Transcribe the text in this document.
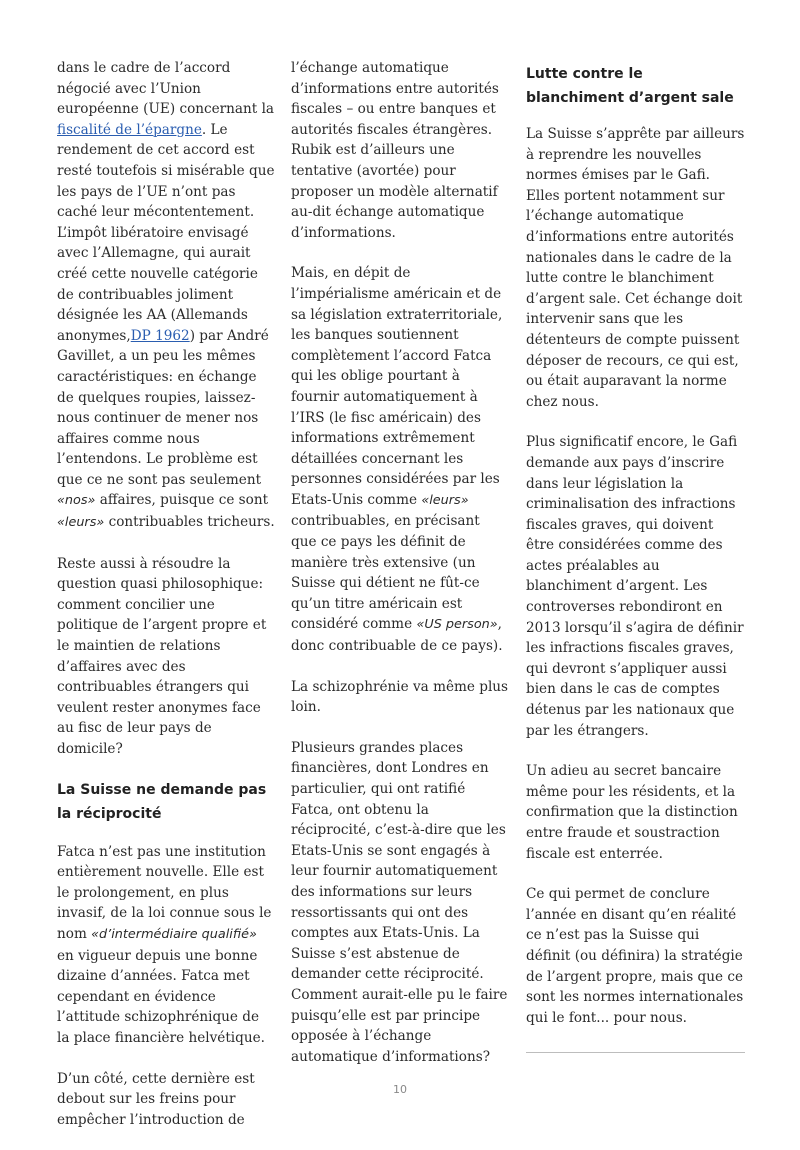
dans le cadre de l’accord négocié avec l’Union européenne (UE) concernant la fiscalité de l’épargne. Le rendement de cet accord est resté toutefois si misérable que les pays de l’UE n’ont pas caché leur mécontentement. L’impôt libératoire envisagé avec l’Allemagne, qui aurait créé cette nouvelle catégorie de contribuables joliment désignée les AA (Allemands anonymes,DP 1962) par André Gavillet, a un peu les mêmes caractéristiques: en échange de quelques roupies, laissez-nous continuer de mener nos affaires comme nous l’entendons. Le problème est que ce ne sont pas seulement «nos» affaires, puisque ce sont «leurs» contribuables tricheurs.

Reste aussi à résoudre la question quasi philosophique: comment concilier une politique de l’argent propre et le maintien de relations d’affaires avec des contribuables étrangers qui veulent rester anonymes face au fisc de leur pays de domicile?

La Suisse ne demande pas la réciprocité

Fatca n’est pas une institution entièrement nouvelle. Elle est le prolongement, en plus invasif, de la loi connue sous le nom «d’intermédiaire qualifié» en vigueur depuis une bonne dizaine d’années. Fatca met cependant en évidence l’attitude schizophrénique de la place financière helvétique.

D’un côté, cette dernière est debout sur les freins pour empêcher l’introduction de

l’échange automatique d’informations entre autorités fiscales – ou entre banques et autorités fiscales étrangères. Rubik est d’ailleurs une tentative (avortée) pour proposer un modèle alternatif au-dit échange automatique d’informations.

Mais, en dépit de l’impérialisme américain et de sa législation extraterritoriale, les banques soutiennent complètement l’accord Fatca qui les oblige pourtant à fournir automatiquement à l’IRS (le fisc américain) des informations extrêmement détaillées concernant les personnes considérées par les Etats-Unis comme «leurs» contribuables, en précisant que ce pays les définit de manière très extensive (un Suisse qui détient ne fût-ce qu’un titre américain est considéré comme «US person», donc contribuable de ce pays).

La schizophrénie va même plus loin.

Plusieurs grandes places financières, dont Londres en particulier, qui ont ratifié Fatca, ont obtenu la réciprocité, c’est-à-dire que les Etats-Unis se sont engagés à leur fournir automatiquement des informations sur leurs ressortissants qui ont des comptes aux Etats-Unis. La Suisse s’est abstenue de demander cette réciprocité. Comment aurait-elle pu le faire puisqu’elle est par principe opposée à l’échange automatique d’informations?

Lutte contre le blanchiment d’argent sale

La Suisse s’apprête par ailleurs à reprendre les nouvelles normes émises par le Gafi. Elles portent notamment sur l’échange automatique d’informations entre autorités nationales dans le cadre de la lutte contre le blanchiment d’argent sale. Cet échange doit intervenir sans que les détenteurs de compte puissent déposer de recours, ce qui est, ou était auparavant la norme chez nous.

Plus significatif encore, le Gafi demande aux pays d’inscrire dans leur législation la criminalisation des infractions fiscales graves, qui doivent être considérées comme des actes préalables au blanchiment d’argent. Les controverses rebondiront en 2013 lorsqu’il s’agira de définir les infractions fiscales graves, qui devront s’appliquer aussi bien dans le cas de comptes détenus par les nationaux que par les étrangers.

Un adieu au secret bancaire même pour les résidents, et la confirmation que la distinction entre fraude et soustraction fiscale est enterrée.

Ce qui permet de conclure l’année en disant qu’en réalité ce n’est pas la Suisse qui définit (ou définira) la stratégie de l’argent propre, mais que ce sont les normes internationales qui le font... pour nous.

10
